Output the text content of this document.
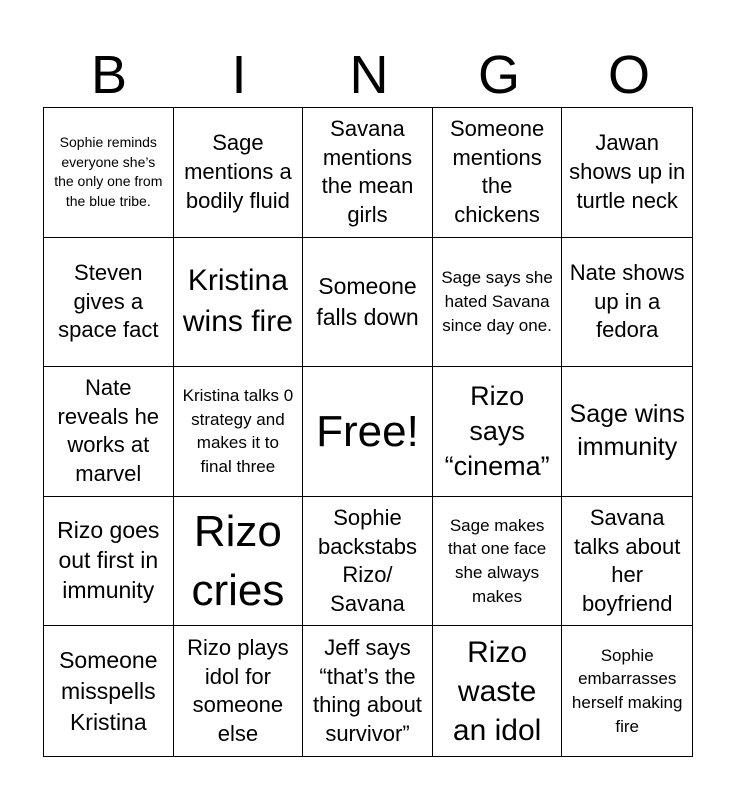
B	I	N	G	O
Sophie reminds everyone she’s the only one from the blue tribe.
Sage mentions a bodily fluid
Savana mentions the mean girls
Someone mentions the chickens
Jawan shows up in turtle neck
Steven gives a space fact
Kristina wins fire
Someone falls down
Sage says she hated Savana since day one.
Nate shows up in a fedora
Nate reveals he works at marvel
Kristina talks 0 strategy and makes it to final three
Free!
Rizo says “cinema”
Sage wins immunity
Rizo goes out first in immunity
Rizo cries
Sophie backstabs Rizo/ Savana
Sage makes that one face she always makes
Savana talks about her boyfriend
Someone misspells Kristina
Rizo plays idol for someone else
Jeff says “that’s the thing about survivor”
Rizo waste an idol
Sophie embarrasses herself making fire
